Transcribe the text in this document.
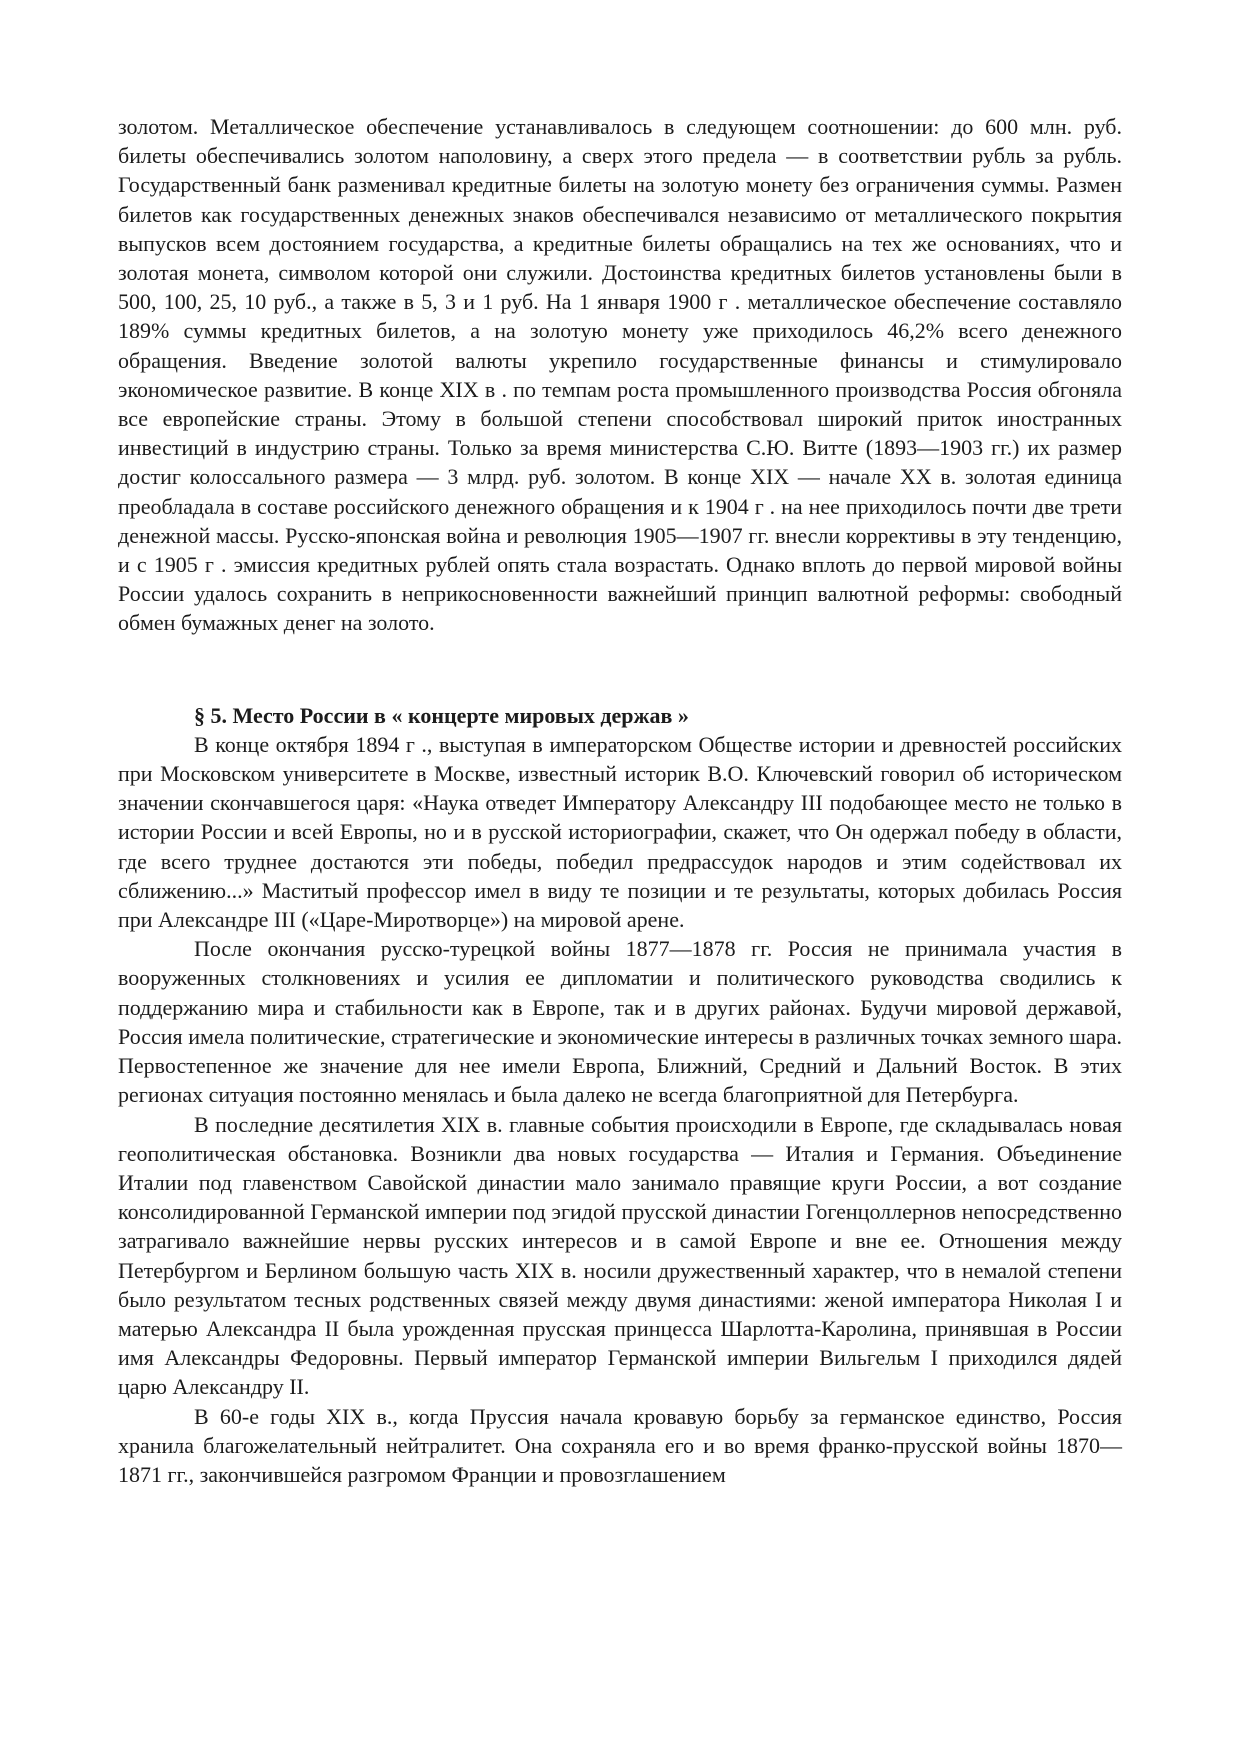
золотом. Металлическое обеспечение устанавливалось в следующем соотношении: до 600 млн. руб. билеты обеспечивались золотом наполовину, а сверх этого предела — в соответствии рубль за рубль. Государственный банк разменивал кредитные билеты на золотую монету без ограничения суммы. Размен билетов как государственных денежных знаков обеспечивался независимо от металлического покрытия выпусков всем достоянием государства, а кредитные билеты обращались на тех же основаниях, что и золотая монета, символом которой они служили. Достоинства кредитных билетов установлены были в 500, 100, 25, 10 руб., а также в 5, 3 и 1 руб. На 1 января 1900 г . металлическое обеспечение составляло 189% суммы кредитных билетов, а на золотую монету уже приходилось 46,2% всего денежного обращения. Введение золотой валюты укрепило государственные финансы и стимулировало экономическое развитие. В конце XIX в . по темпам роста промышленного производства Россия обгоняла все европейские страны. Этому в большой степени способствовал широкий приток иностранных инвестиций в индустрию страны. Только за время министерства С.Ю. Витте (1893—1903 гг.) их размер достиг колоссального размера — 3 млрд. руб. золотом. В конце XIX — начале XX в. золотая единица преобладала в составе российского денежного обращения и к 1904 г . на нее приходилось почти две трети денежной массы. Русско-японская война и революция 1905—1907 гг. внесли коррективы в эту тенденцию, и с 1905 г . эмиссия кредитных рублей опять стала возрастать. Однако вплоть до первой мировой войны России удалось сохранить в неприкосновенности важнейший принцип валютной реформы: свободный обмен бумажных денег на золото.

§ 5. Место России в « концерте мировых держав »

В конце октября 1894 г ., выступая в императорском Обществе истории и древностей российских при Московском университете в Москве, известный историк В.О. Ключевский говорил об историческом значении скончавшегося царя: «Наука отведет Императору Александру III подобающее место не только в истории России и всей Европы, но и в русской историографии, скажет, что Он одержал победу в области, где всего труднее достаются эти победы, победил предрассудок народов и этим содействовал их сближению...» Маститый профессор имел в виду те позиции и те результаты, которых добилась Россия при Александре III («Царе-Миротворце») на мировой арене.

После окончания русско-турецкой войны 1877—1878 гг. Россия не принимала участия в вооруженных столкновениях и усилия ее дипломатии и политического руководства сводились к поддержанию мира и стабильности как в Европе, так и в других районах. Будучи мировой державой, Россия имела политические, стратегические и экономические интересы в различных точках земного шара. Первостепенное же значение для нее имели Европа, Ближний, Средний и Дальний Восток. В этих регионах ситуация постоянно менялась и была далеко не всегда благоприятной для Петербурга.

В последние десятилетия XIX в. главные события происходили в Европе, где складывалась новая геополитическая обстановка. Возникли два новых государства — Италия и Германия. Объединение Италии под главенством Савойской династии мало занимало правящие круги России, а вот создание консолидированной Германской империи под эгидой прусской династии Гогенцоллернов непосредственно затрагивало важнейшие нервы русских интересов и в самой Европе и вне ее. Отношения между Петербургом и Берлином большую часть XIX в. носили дружественный характер, что в немалой степени было результатом тесных родственных связей между двумя династиями: женой императора Николая I и матерью Александра II была урожденная прусская принцесса Шарлотта-Каролина, принявшая в России имя Александры Федоровны. Первый император Германской империи Вильгельм I приходился дядей царю Александру II.

В 60-е годы XIX в., когда Пруссия начала кровавую борьбу за германское единство, Россия хранила благожелательный нейтралитет. Она сохраняла его и во время франко-прусской войны 1870—1871 гг., закончившейся разгромом Франции и провозглашением
